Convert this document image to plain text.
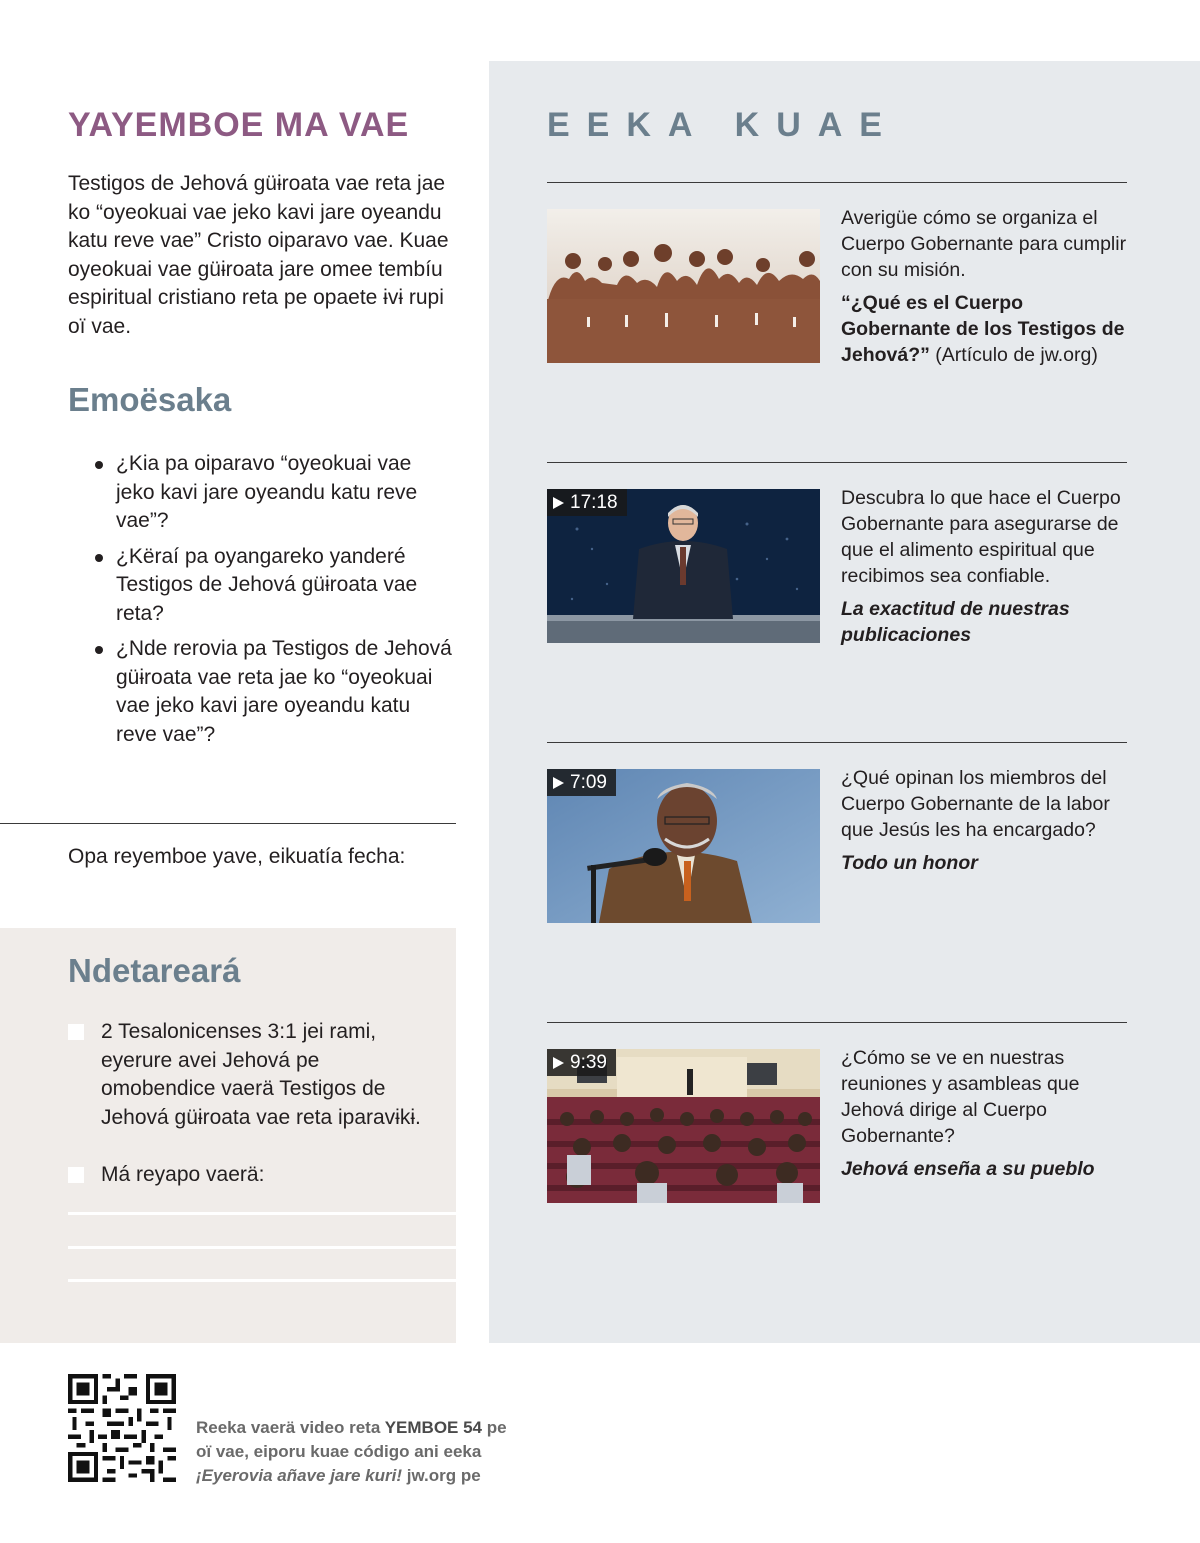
EEKA KUAE
Averigüe cómo se organiza el Cuerpo Gobernante para cumplir con su misión.
“¿Qué es el Cuerpo Gobernante de los Testigos de Jehová?” (Artículo de jw.org)
17:18	Descubra lo que hace el Cuerpo Gobernante para asegurarse de que el alimento espiritual que recibimos sea confiable.
La exactitud de nuestras publicaciones
7:09	¿Qué opinan los miembros del Cuerpo Gobernante de la labor que Jesús les ha encargado?
Todo un honor
9:39	¿Cómo se ve en nuestras reuniones y asambleas que Jehová dirige al Cuerpo Gobernante?
Jehová enseña a su pueblo
YAYEMBOE MA VAE
Testigos de Jehová güɨroata vae reta jae ko “oyeokuai vae jeko kavi jare oyeandu katu reve vae” Cristo oiparavo vae. Kuae oyeokuai vae güɨroata jare omee tembíu espiritual cristiano reta pe opaete ɨvɨ rupi oï vae.
Emoësaka
¿Kia pa oiparavo “oyeokuai vae jeko kavi jare oyeandu katu reve vae”?
¿Këraí pa oyangareko yanderé Testigos de Jehová güɨroata vae reta?
¿Nde rerovia pa Testigos de Jehová güɨroata vae reta jae ko “oyeokuai vae jeko kavi jare oyeandu katu reve vae”?
Opa reyemboe yave, eikuatía fecha:
Ndetareará
2 Tesalonicenses 3:1 jei rami, eyerure avei Jehová pe omobendice vaerä Testigos de Jehová güɨroata vae reta iparavɨkɨ.
Má reyapo vaerä:
Reeka vaerä video reta YEMBOE 54 pe
oï vae, eiporu kuae código ani eeka
¡Eyerovia añave jare kuri! jw.org pe
